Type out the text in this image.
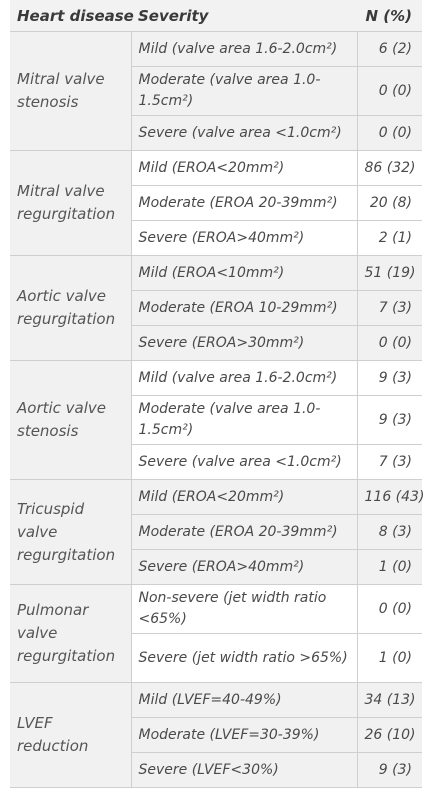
Heart disease	Severity	N (%)
Mitral valve stenosis	Mild (valve area 1.6-2.0cm²)	6 (2)
	Moderate (valve area 1.0-1.5cm²)	0 (0)
	Severe (valve area <1.0cm²)	0 (0)
Mitral valve regurgitation	Mild (EROA<20mm²)	86 (32)
	Moderate (EROA 20-39mm²)	20 (8)
	Severe (EROA>40mm²)	2 (1)
Aortic valve regurgitation	Mild (EROA<10mm²)	51 (19)
	Moderate (EROA 10-29mm²)	7 (3)
	Severe (EROA>30mm²)	0 (0)
Aortic valve stenosis	Mild (valve area 1.6-2.0cm²)	9 (3)
	Moderate (valve area 1.0-1.5cm²)	9 (3)
	Severe (valve area <1.0cm²)	7 (3)
Tricuspid valve regurgitation	Mild (EROA<20mm²)	116 (43)
	Moderate (EROA 20-39mm²)	8 (3)
	Severe (EROA>40mm²)	1 (0)
Pulmonar valve regurgitation	Non-severe (jet width ratio <65%)	0 (0)
	Severe (jet width ratio >65%)	1 (0)
LVEF reduction	Mild (LVEF=40-49%)	34 (13)
	Moderate (LVEF=30-39%)	26 (10)
	Severe (LVEF<30%)	9 (3)
